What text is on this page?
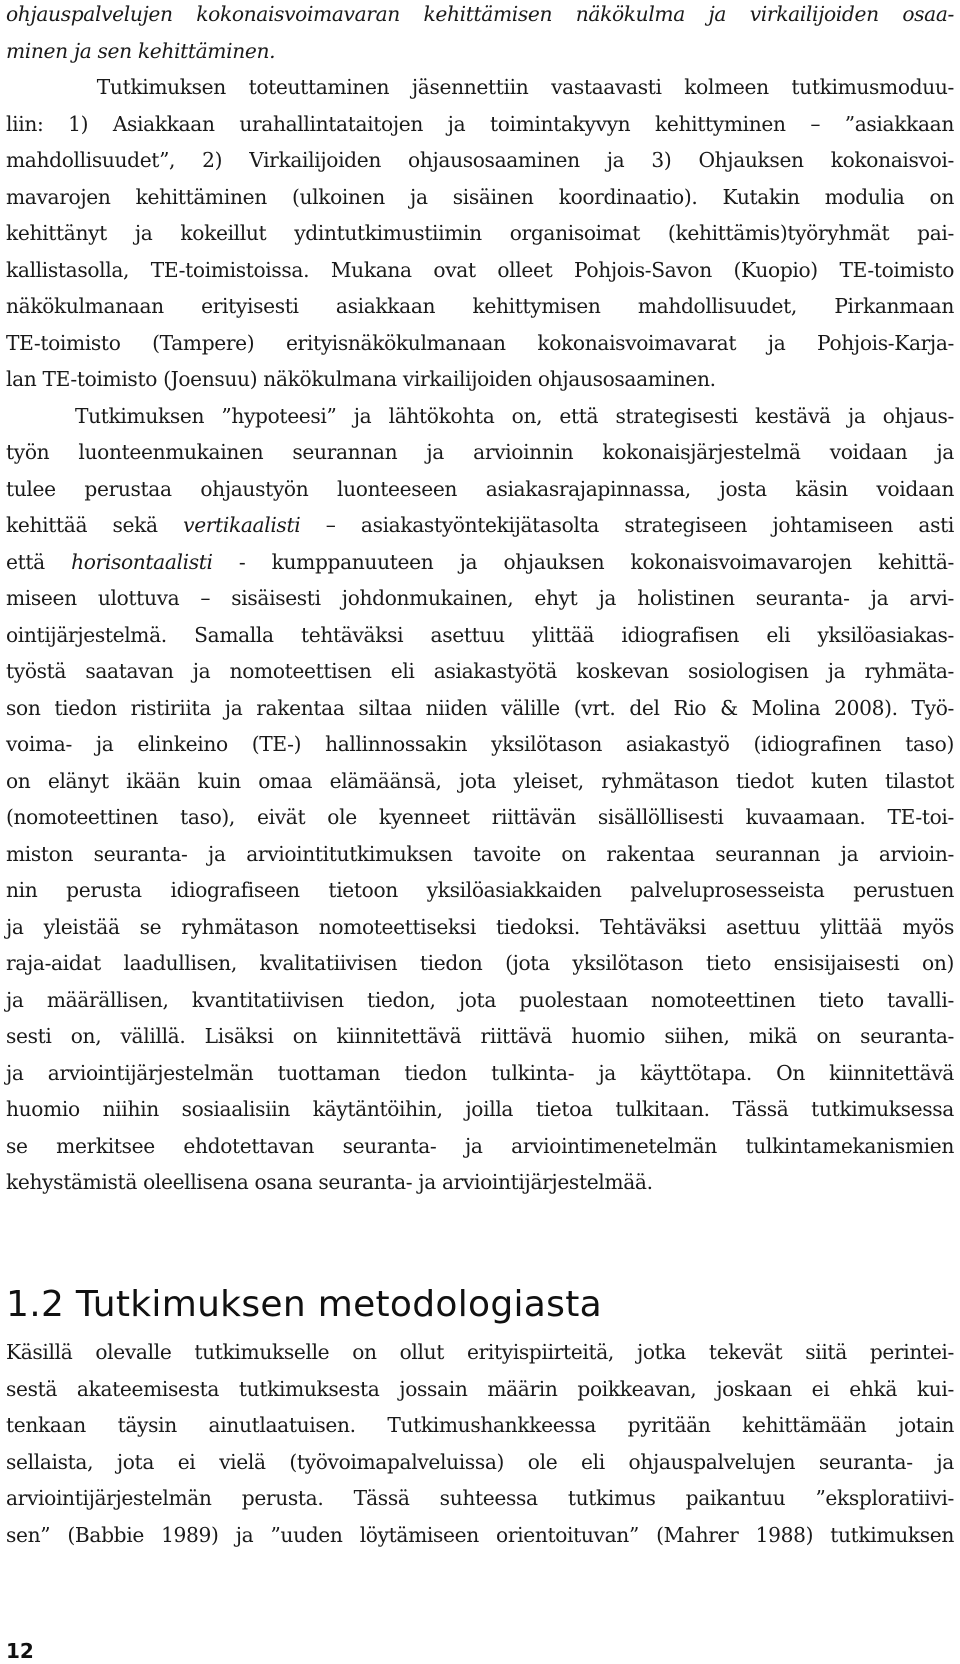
ohjauspalvelujen kokonaisvoimavaran kehittämisen näkökulma ja virkailijoiden osaa-
minen ja sen kehittäminen.
Tutkimuksen toteuttaminen jäsennettiin vastaavasti kolmeen tutkimusmoduu-
liin: 1) Asiakkaan urahallintataitojen ja toimintakyvyn kehittyminen – ”asiakkaan
mahdollisuudet”, 2) Virkailijoiden ohjausosaaminen ja 3) Ohjauksen kokonaisvoi-
mavarojen kehittäminen (ulkoinen ja sisäinen koordinaatio). Kutakin modulia on
kehittänyt ja kokeillut ydintutkimustiimin organisoimat (kehittämis)työryhmät pai-
kallistasolla, TE-toimistoissa. Mukana ovat olleet Pohjois-Savon (Kuopio) TE-toimisto
näkökulmanaan erityisesti asiakkaan kehittymisen mahdollisuudet, Pirkanmaan
TE-toimisto (Tampere) erityisnäkökulmanaan kokonaisvoimavarat ja Pohjois-Karja-
lan TE-toimisto (Joensuu) näkökulmana virkailijoiden ohjausosaaminen.
Tutkimuksen ”hypoteesi” ja lähtökohta on, että strategisesti kestävä ja ohjaus-
työn luonteenmukainen seurannan ja arvioinnin kokonaisjärjestelmä voidaan ja
tulee perustaa ohjaustyön luonteeseen asiakasrajapinnassa, josta käsin voidaan
kehittää sekä vertikaalisti – asiakastyöntekijätasolta strategiseen johtamiseen asti
että horisontaalisti - kumppanuuteen ja ohjauksen kokonaisvoimavarojen kehittä-
miseen ulottuva – sisäisesti johdonmukainen, ehyt ja holistinen seuranta- ja arvi-
ointijärjestelmä. Samalla tehtäväksi asettuu ylittää idiografisen eli yksilöasiakas-
työstä saatavan ja nomoteettisen eli asiakastyötä koskevan sosiologisen ja ryhmäta-
son tiedon ristiriita ja rakentaa siltaa niiden välille (vrt. del Rio & Molina 2008). Työ-
voima- ja elinkeino (TE-) hallinnossakin yksilötason asiakastyö (idiografinen taso)
on elänyt ikään kuin omaa elämäänsä, jota yleiset, ryhmätason tiedot kuten tilastot
(nomoteettinen taso), eivät ole kyenneet riittävän sisällöllisesti kuvaamaan. TE-toi-
miston seuranta- ja arviointitutkimuksen tavoite on rakentaa seurannan ja arvioin-
nin perusta idiografiseen tietoon yksilöasiakkaiden palveluprosesseista perustuen
ja yleistää se ryhmätason nomoteettiseksi tiedoksi. Tehtäväksi asettuu ylittää myös
raja-aidat laadullisen, kvalitatiivisen tiedon (jota yksilötason tieto ensisijaisesti on)
ja määrällisen, kvantitatiivisen tiedon, jota puolestaan nomoteettinen tieto tavalli-
sesti on, välillä. Lisäksi on kiinnitettävä riittävä huomio siihen, mikä on seuranta-
ja arviointijärjestelmän tuottaman tiedon tulkinta- ja käyttötapa. On kiinnitettävä
huomio niihin sosiaalisiin käytäntöihin, joilla tietoa tulkitaan. Tässä tutkimuksessa
se merkitsee ehdotettavan seuranta- ja arviointimenetelmän tulkintamekanismien
kehystämistä oleellisena osana seuranta- ja arviointijärjestelmää.
1.2 Tutkimuksen metodologiasta
Käsillä olevalle tutkimukselle on ollut erityispiirteitä, jotka tekevät siitä perintei-
sestä akateemisesta tutkimuksesta jossain määrin poikkeavan, joskaan ei ehkä kui-
tenkaan täysin ainutlaatuisen. Tutkimushankkeessa pyritään kehittämään jotain
sellaista, jota ei vielä (työvoimapalveluissa) ole eli ohjauspalvelujen seuranta- ja
arviointijärjestelmän perusta. Tässä suhteessa tutkimus paikantuu ”eksploratiivi-
sen” (Babbie 1989) ja ”uuden löytämiseen orientoituvan” (Mahrer 1988) tutkimuksen
12
